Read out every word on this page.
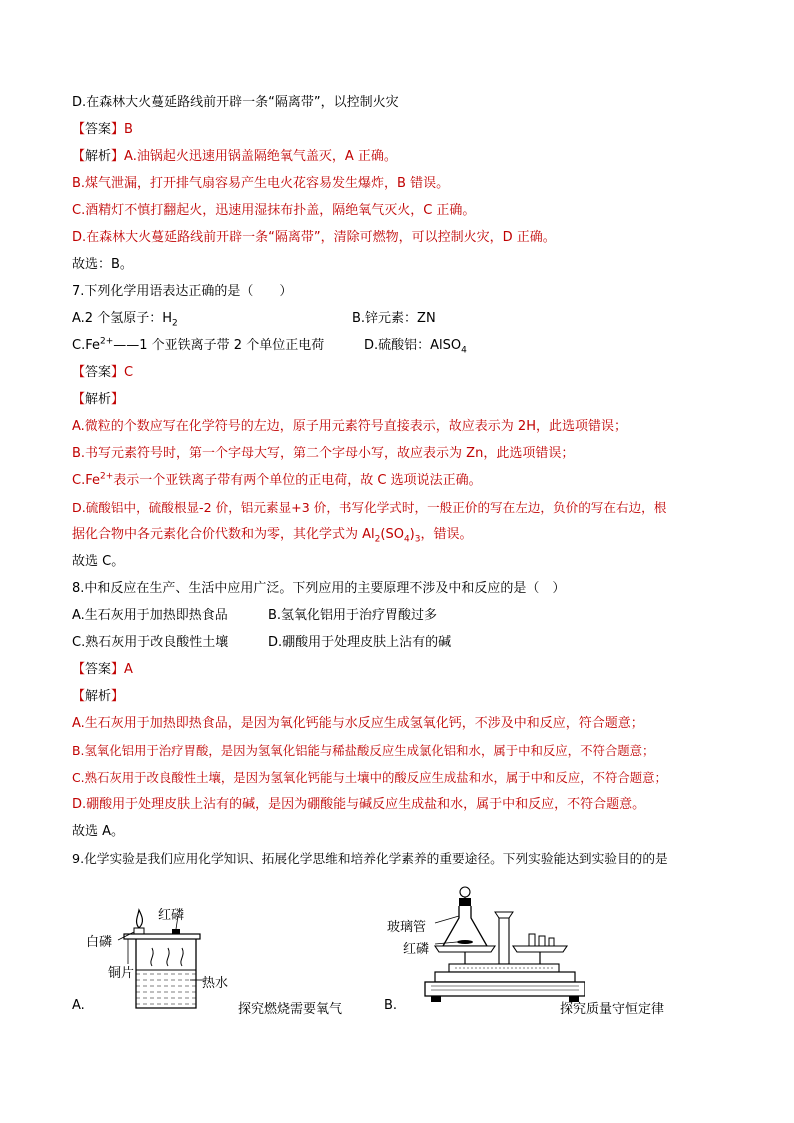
D.在森林大火蔓延路线前开辟一条“隔离带”，以控制火灾
【答案】B
【解析】A.油锅起火迅速用锅盖隔绝氧气盖灭，A 正确。
B.煤气泄漏，打开排气扇容易产生电火花容易发生爆炸，B 错误。
C.酒精灯不慎打翻起火，迅速用湿抹布扑盖，隔绝氧气灭火，C 正确。
D.在森林大火蔓延路线前开辟一条“隔离带”，清除可燃物，可以控制火灾，D 正确。
故选：B。
7.下列化学用语表达正确的是（　　）
A.2 个氢原子：$H_2$	B.锌元素：ZN
$C.Fe^{2+}——1$ 个亚铁离子带 2 个单位正电荷	D.硫酸铝：AlSO$_4$
【答案】C
【解析】
A.微粒的个数应写在化学符号的左边，原子用元素符号直接表示，故应表示为 2H，此选项错误；
B.书写元素符号时，第一个字母大写，第二个字母小写，故应表示为 Zn，此选项错误；
$C.Fe^{2+}$表示一个亚铁离子带有两个单位的正电荷，故 C 选项说法正确。
D.硫酸铝中，硫酸根显-2 价，铝元素显+3 价，书写化学式时，一般正价的写在左边，负价的写在右边，根
据化合物中各元素化合价代数和为零，其化学式为 $Al_2(SO_4)_3$，错误。
故选 C。
8.中和反应在生产、生活中应用广泛。下列应用的主要原理不涉及中和反应的是（　）
A.生石灰用于加热即热食品	B.氢氧化铝用于治疗胃酸过多
C.熟石灰用于改良酸性土壤	D.硼酸用于处理皮肤上沾有的碱
【答案】A
【解析】
A.生石灰用于加热即热食品，是因为氧化钙能与水反应生成氢氧化钙，不涉及中和反应，符合题意；
B.氢氧化铝用于治疗胃酸，是因为氢氧化铝能与稀盐酸反应生成氯化铝和水，属于中和反应，不符合题意；
C.熟石灰用于改良酸性土壤，是因为氢氧化钙能与土壤中的酸反应生成盐和水，属于中和反应，不符合题意；
D.硼酸用于处理皮肤上沾有的碱，是因为硼酸能与碱反应生成盐和水，属于中和反应，不符合题意。
故选 A。
9.化学实验是我们应用化学知识、拓展化学思维和培养化学素养的重要途径。下列实验能达到实验目的的是
红磷
白磷
铜片
热水
A.	探究燃烧需要氧气
玻璃管
红磷
B.	探究质量守恒定律
